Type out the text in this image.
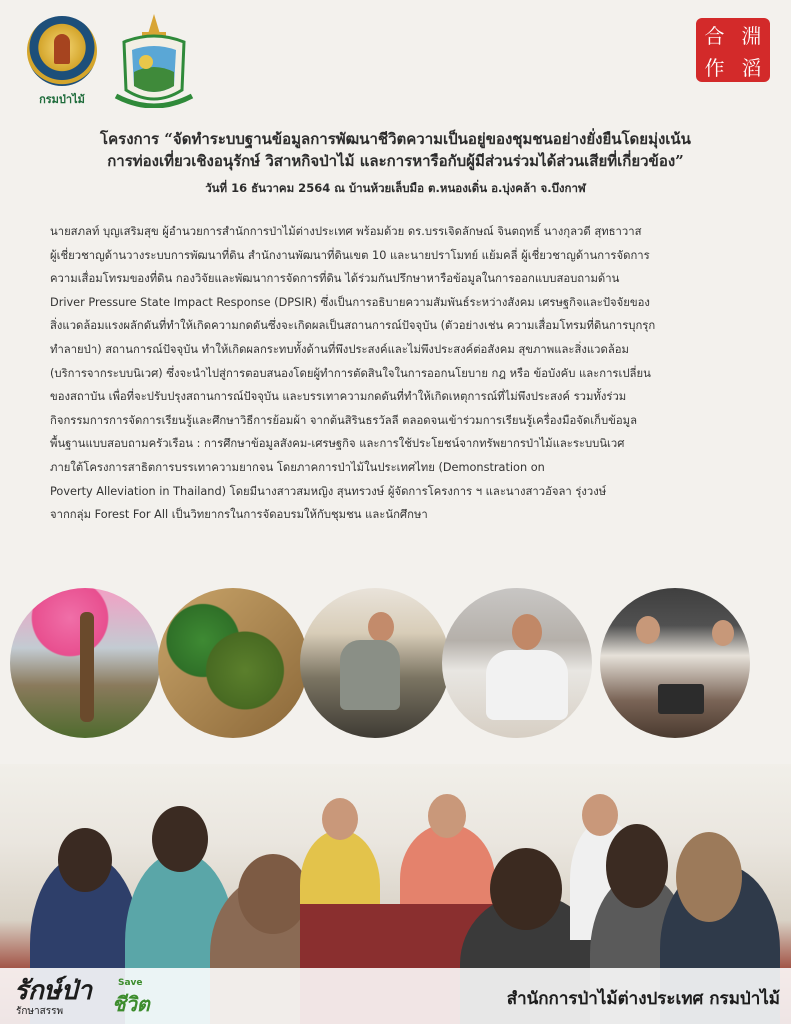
กรมป่าไม้
合 淵
作 滔
โครงการ “จัดทำระบบฐานข้อมูลการพัฒนาชีวิตความเป็นอยู่ของชุมชนอย่างยั่งยืนโดยมุ่งเน้น
การท่องเที่ยวเชิงอนุรักษ์ วิสาหกิจป่าไม้ และการหารือกับผู้มีส่วนร่วมได้ส่วนเสียที่เกี่ยวข้อง”
วันที่ 16 ธันวาคม 2564 ณ บ้านห้วยเล็บมือ ต.หนองเดิ่น อ.บุ่งคล้า จ.บึงกาฬ
นายสภลท์ บุญเสริมสุข ผู้อำนวยการสำนักการป่าไม้ต่างประเทศ พร้อมด้วย ดร.บรรเจิดลักษณ์ จินตฤทธิ์ นางกุลวดี สุทธาวาส
ผู้เชี่ยวชาญด้านวางระบบการพัฒนาที่ดิน สำนักงานพัฒนาที่ดินเขต 10 และนายปราโมทย์ แย้มคลี่ ผู้เชี่ยวชาญด้านการจัดการ
ความเสื่อมโทรมของที่ดิน กองวิจัยและพัฒนาการจัดการที่ดิน ได้ร่วมกันปรึกษาหารือข้อมูลในการออกแบบสอบถามด้าน
Driver Pressure State Impact Response (DPSIR) ซึ่งเป็นการอธิบายความสัมพันธ์ระหว่างสังคม เศรษฐกิจและปัจจัยของ
สิ่งแวดล้อมแรงผลักดันที่ทำให้เกิดความกดดันซึ่งจะเกิดผลเป็นสถานการณ์ปัจจุบัน (ตัวอย่างเช่น ความเสื่อมโทรมที่ดินการบุกรุก
ทำลายป่า) สถานการณ์ปัจจุบัน ทำให้เกิดผลกระทบทั้งด้านที่พึงประสงค์และไม่พึงประสงค์ต่อสังคม สุขภาพและสิ่งแวดล้อม
(บริการจากระบบนิเวศ) ซึ่งจะนำไปสู่การตอบสนองโดยผู้ทำการตัดสินใจในการออกนโยบาย กฎ หรือ ข้อบังคับ และการเปลี่ยน
ของสถาบัน เพื่อที่จะปรับปรุงสถานการณ์ปัจจุบัน และบรรเทาความกดดันที่ทำให้เกิดเหตุการณ์ที่ไม่พึงประสงค์ รวมทั้งร่วม
กิจกรรมการการจัดการเรียนรู้และศึกษาวิธีการย้อมผ้า จากต้นสิรินธรวัลลี ตลอดจนเข้าร่วมการเรียนรู้เครื่องมือจัดเก็บข้อมูล
พื้นฐานแบบสอบถามครัวเรือน : การศึกษาข้อมูลสังคม-เศรษฐกิจ และการใช้ประโยชน์จากทรัพยากรป่าไม้และระบบนิเวศ
ภายใต้โครงการสาธิตการบรรเทาความยากจน โดยภาคการป่าไม้ในประเทศไทย (Demonstration on
Poverty Alleviation in Thailand) โดยมีนางสาวสมหญิง สุนทรวงษ์ ผู้จัดการโครงการ ฯ และนางสาวอัจลา รุ่งวงษ์
จากกลุ่ม Forest For All เป็นวิทยากรในการจัดอบรมให้กับชุมชน และนักศึกษา
รักษ์ป่า
รักษาสรรพ
Save
ชีวิต	สำนักการป่าไม้ต่างประเทศ กรมป่าไม้
